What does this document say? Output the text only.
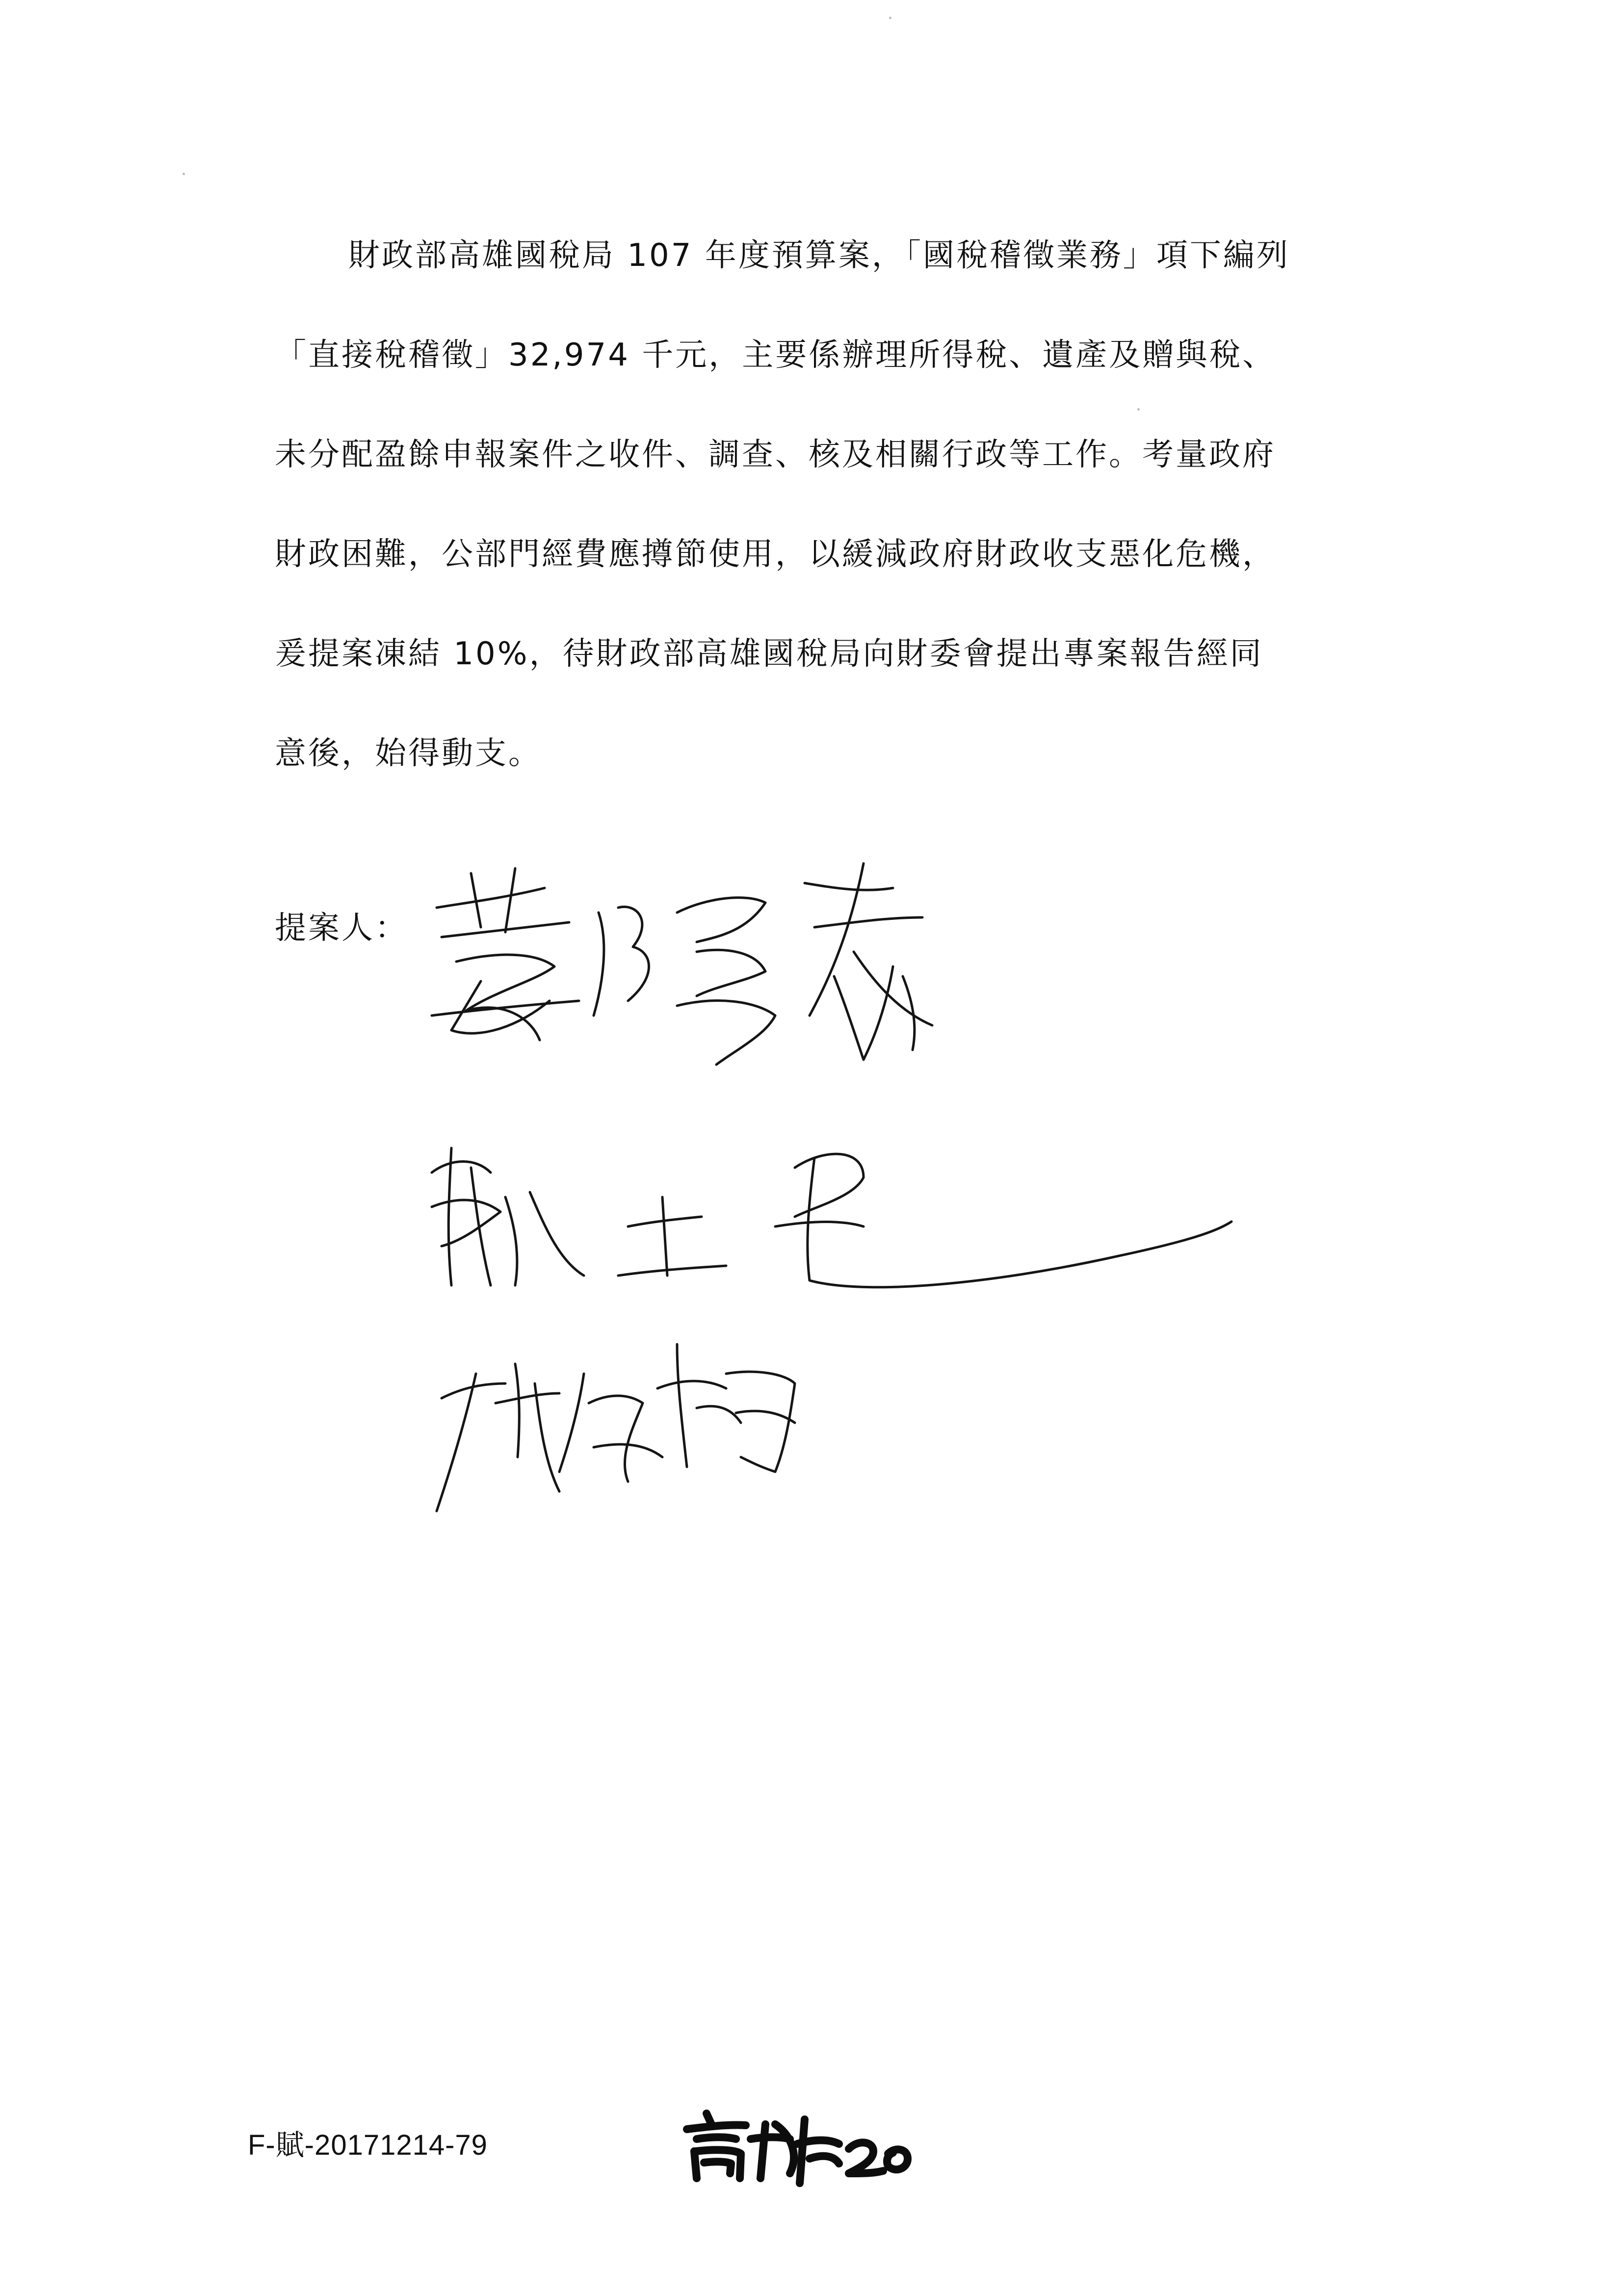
財政部高雄國稅局 107 年度預算案，「國稅稽徵業務」項下編列
「直接稅稽徵」32,974 千元，主要係辦理所得稅、遺產及贈與稅、
未分配盈餘申報案件之收件、調查、核及相關行政等工作。考量政府
財政困難，公部門經費應撙節使用，以緩減政府財政收支惡化危機，
爰提案凍結 10%，待財政部高雄國稅局向財委會提出專案報告經同
意後，始得動支。
提案人：
F-賦-20171214-79
